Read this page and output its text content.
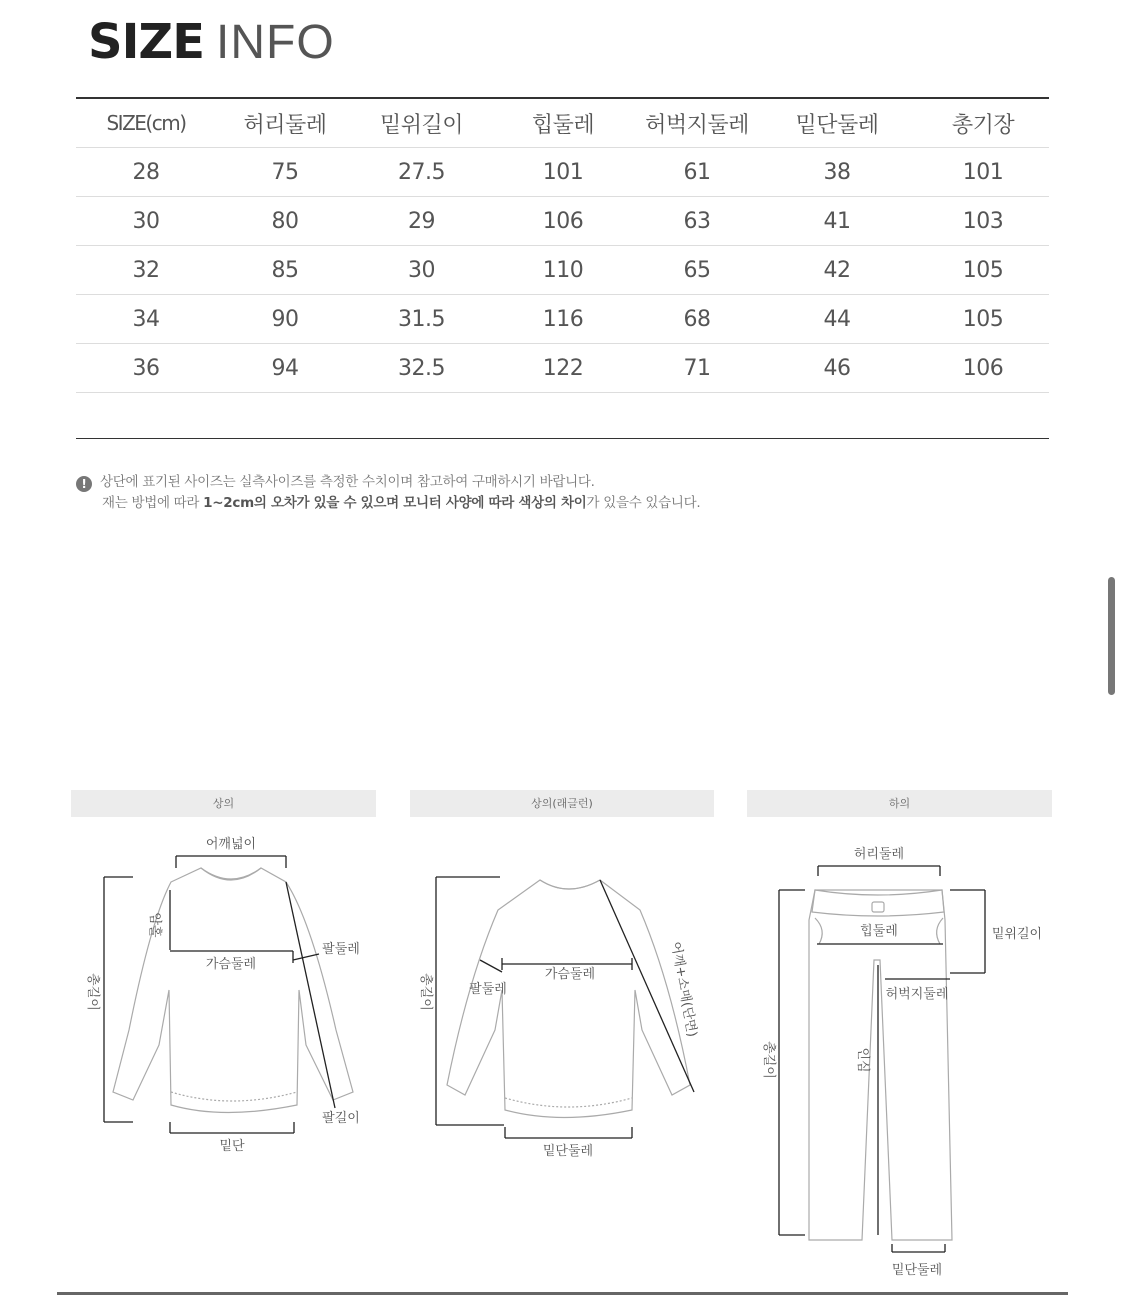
SIZE INFO
SIZE(cm)	허리둘레	밑위길이	힙둘레	허벅지둘레	밑단둘레	총기장
28	75	27.5	101	61	38	101
30	80	29	106	63	41	103
32	85	30	110	65	42	105
34	90	31.5	116	68	44	105
36	94	32.5	122	71	46	106
! 상단에 표기된 사이즈는 실측사이즈를 측정한 수치이며 참고하여 구매하시기 바랍니다.
재는 방법에 따라 1~2cm의 오차가 있을 수 있으며 모니터 사양에 따라 색상의 차이가 있을수 있습니다.
상의	상의(래글런)	하의
어깨넓이
암홀
가슴둘레
팔둘레
총길이
팔길이
밑단
가슴둘레
팔둘레	어깨+소매(단면)
총길이
밑단둘레
허리둘레
힙둘레	밑위길이
허벅지둘레
총길이	인심
밑단둘레
